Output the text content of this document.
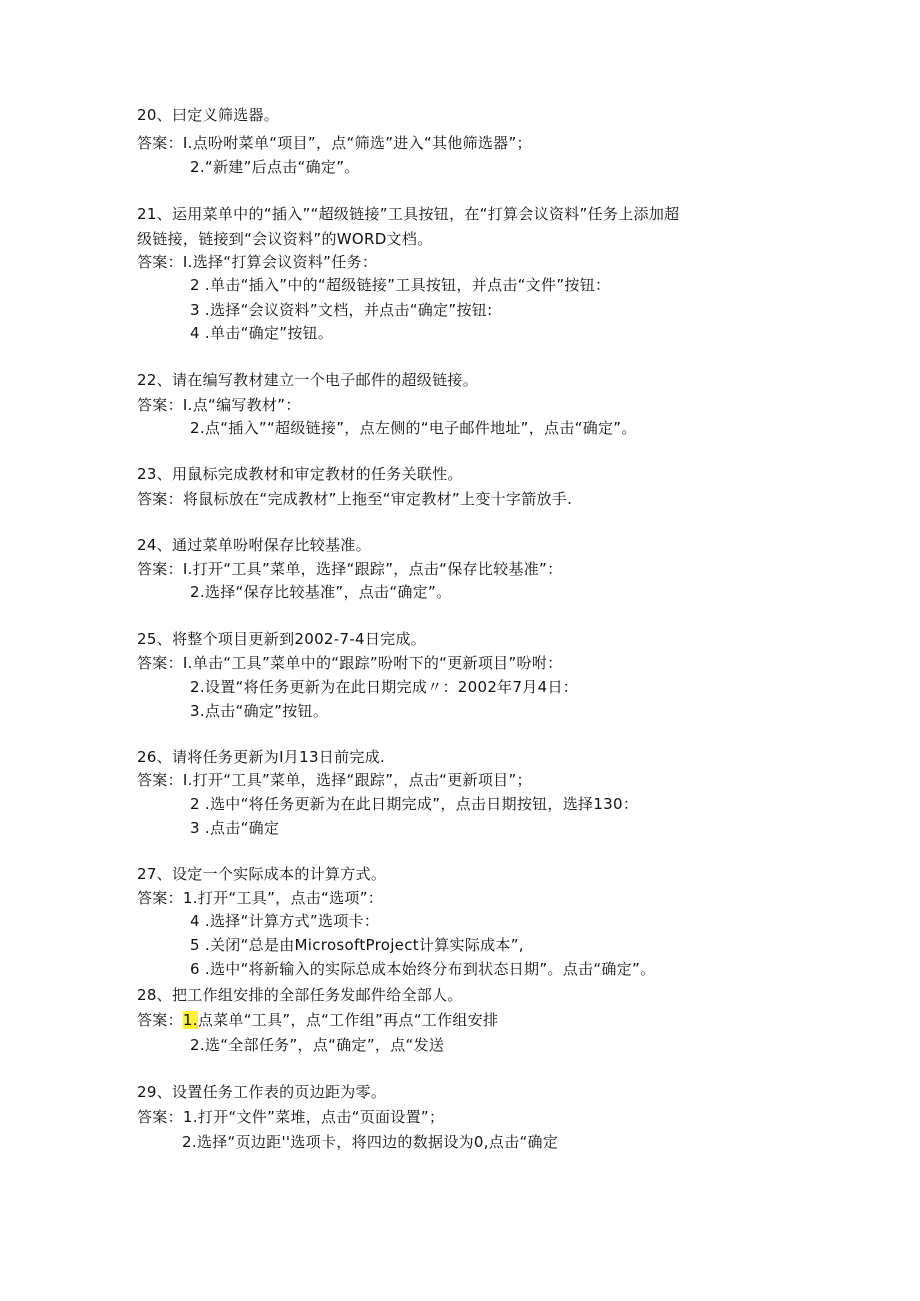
20、曰定义筛选器。
答案：I.点吩咐菜单“项目”，点“筛选”进入“其他筛选器”；
2.“新建”后点击“确定”。
21、运用菜单中的“插入”“超级链接”工具按钮，在“打算会议资料”任务上添加超
级链接，链接到“会议资料”的WORD文档。
答案：I.选择“打算会议资料”任务：
2 .单击“插入”中的“超级链接”工具按钮，并点击“文件”按钮：
3 .选择“会议资料”文档，并点击“确定”按钮:
4 .单击“确定”按钮。
22、请在编写教材建立一个电子邮件的超级链接。
答案：I.点“编写教材”：
2.点“插入”“超级链接”，点左侧的“电子邮件地址”，点击“确定”。
23、用鼠标完成教材和审定教材的任务关联性。
答案：将鼠标放在“完成教材”上拖至“审定教材”上变十字箭放手.
24、通过菜单吩咐保存比较基准。
答案：I.打开“工具”菜单，选择“跟踪”，点击“保存比较基准”：
2.选择“保存比较基准”，点击“确定”。
25、将整个项目更新到2002-7-4日完成。
答案：I.单击“工具”菜单中的“跟踪”吩咐下的“更新项目”吩咐：
2.设置“将任务更新为在此日期完成〃：2002年7月4日：
3.点击“确定”按钮。
26、请将任务更新为I月13日前完成.
答案：I.打开“工具”菜单，选择“跟踪”，点击“更新项目”；
2 .选中“将任务更新为在此日期完成”，点击日期按钮，选择130：
3 .点击“确定
27、设定一个实际成本的计算方式。
答案：1.打开“工具”，点击“选项”：
4 .选择“计算方式”选项卡：
5 .关闭“总是由MicrosoftProject计算实际成本”,
6 .选中“将新输入的实际总成本始终分布到状态日期”。点击“确定”。
28、把工作组安排的全部任务发邮件给全部人。
答案：1.点菜单“工具”，点“工作组”再点“工作组安排
2.选“全部任务”，点“确定”，点“发送
29、设置任务工作表的页边距为零。
答案：1.打开“文件”菜堆，点击“页面设置”；
2.选择“页边距''选项卡，将四边的数据设为0,点击“确定
